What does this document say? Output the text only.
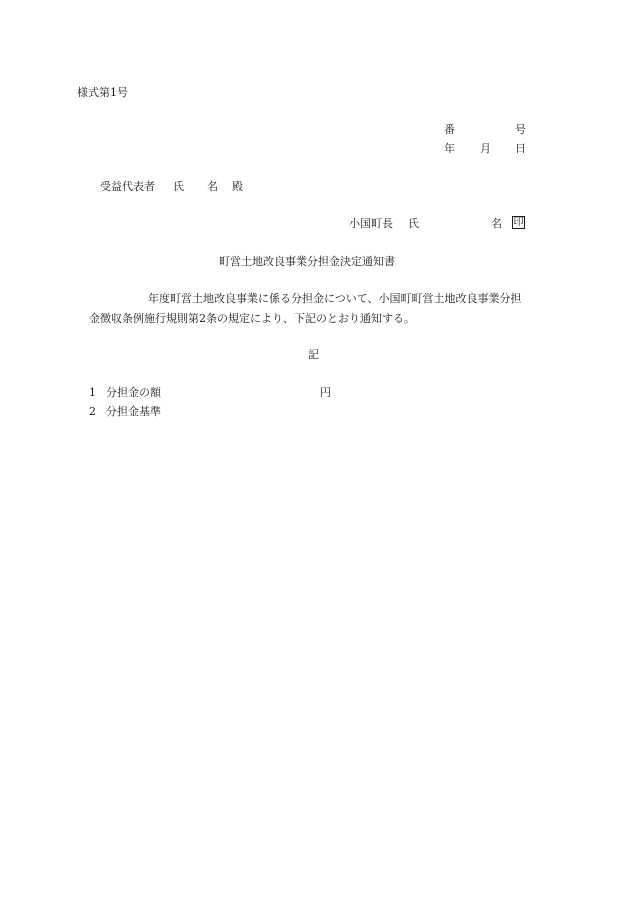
様式第1号
番	号
年 月 日
受益代表者 氏 名 殿
小国町長 氏	名 印
町営土地改良事業分担金決定通知書
年度町営土地改良事業に係る分担金について、小国町町営土地改良事業分担
金徴収条例施行規則第2条の規定により、下記のとおり通知する。
記
1 分担金の額	円
2 分担金基準
